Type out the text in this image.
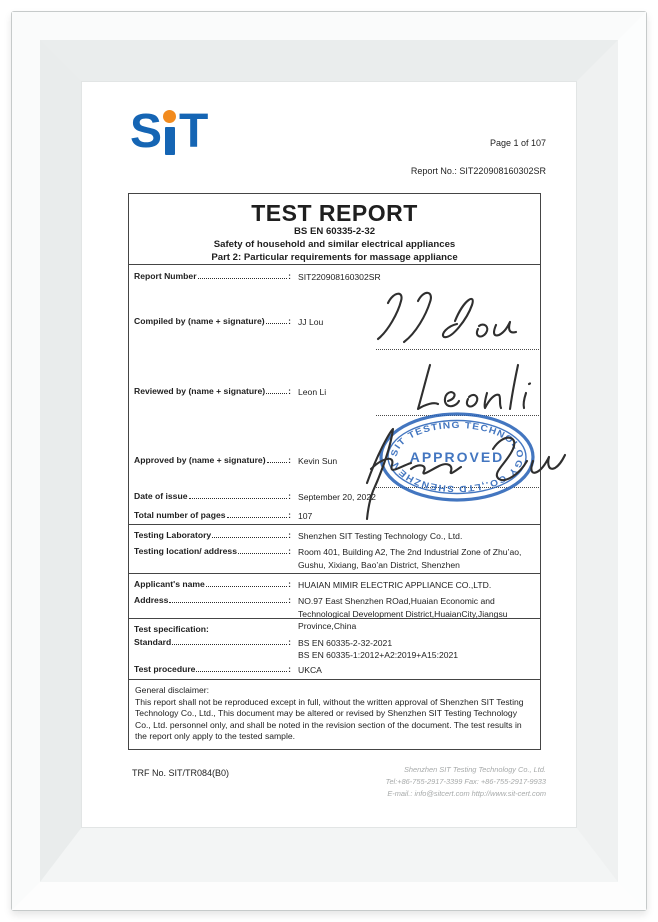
S T	Page 1 of 107
Report No.: SIT220908160302SR
TEST REPORT
BS EN 60335-2-32
Safety of household and similar electrical appliances
Part 2: Particular requirements for massage appliance
Report Number	: SIT220908160302SR
Compiled by (name + signature)	: JJ Lou
Reviewed by (name + signature)	: Leon Li
Approved by (name + signature)	: Kevin Sun
Date of issue	: September 20, 2022
Total number of pages	: 107
SIT TESTING TECHNOLOGY CO.,LTD SHENZHEN
APPROVED
Testing Laboratory	: Shenzhen SIT Testing Technology Co., Ltd.
Testing location/ address	: Room 401, Building A2, The 2nd Industrial Zone of Zhu’ao, Gushu, Xixiang, Bao’an District, Shenzhen
Applicant's name	: HUAIAN MIMIR ELECTRIC APPLIANCE CO.,LTD.
Address	: NO.97 East Shenzhen ROad,Huaian Economic and Technological Development District,HuaianCity,Jiangsu Province,China
Test specification:
Standard	: BS EN 60335-2-32-2021
BS EN 60335-1:2012+A2:2019+A15:2021
Test procedure	: UKCA
General disclaimer:
This report shall not be reproduced except in full, without the written approval of Shenzhen SIT Testing Technology Co., Ltd., This document may be altered or revised by Shenzhen SIT Testing Technology Co., Ltd. personnel only, and shall be noted in the revision section of the document. The test results in the report only apply to the tested sample.
TRF No. SIT/TR084(B0)	Shenzhen SIT Testing Technology Co., Ltd.
Tel:+86-755-2917-3399 Fax: +86-755-2917-9933
E-mail.: info@sitcert.com http://www.sit-cert.com
